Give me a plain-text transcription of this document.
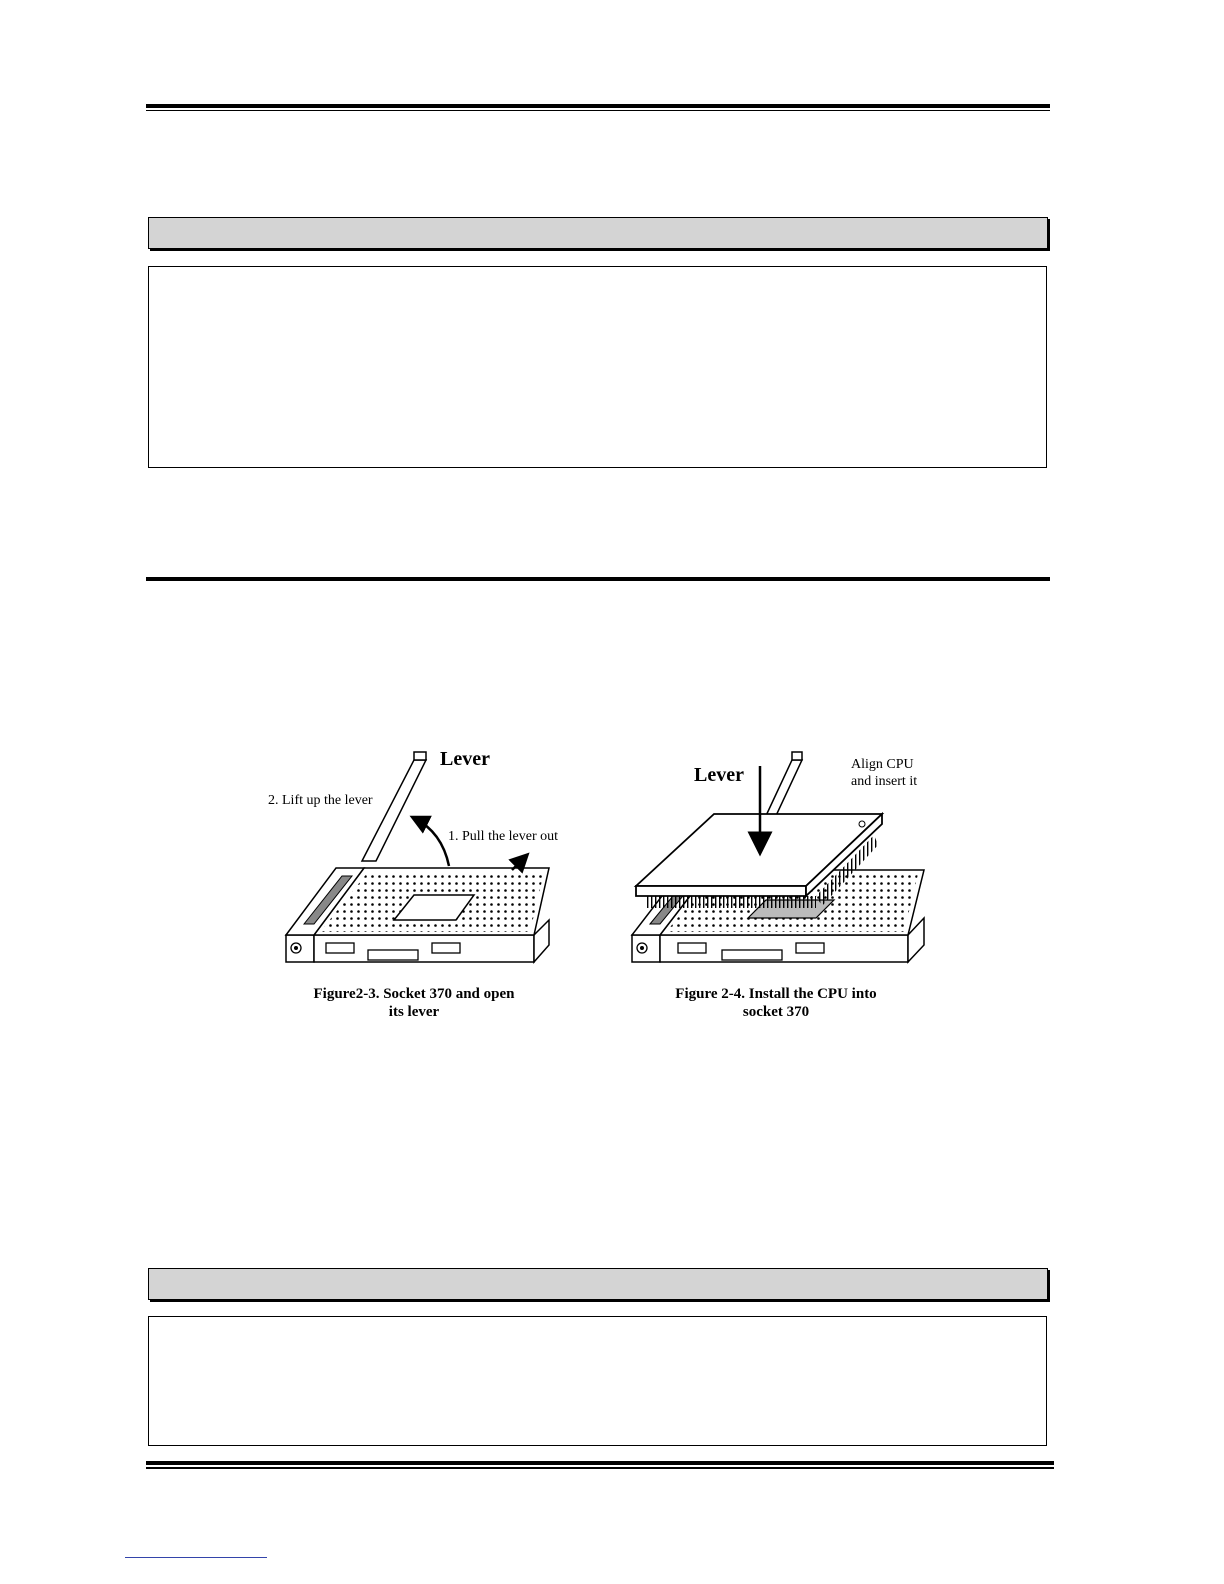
Lever
2. Lift up the lever
1. Pull the lever out
Figure2-3. Socket 370 and open
its lever
Lever	Align CPU
and insert it
Figure 2-4. Install the CPU into
socket 370
